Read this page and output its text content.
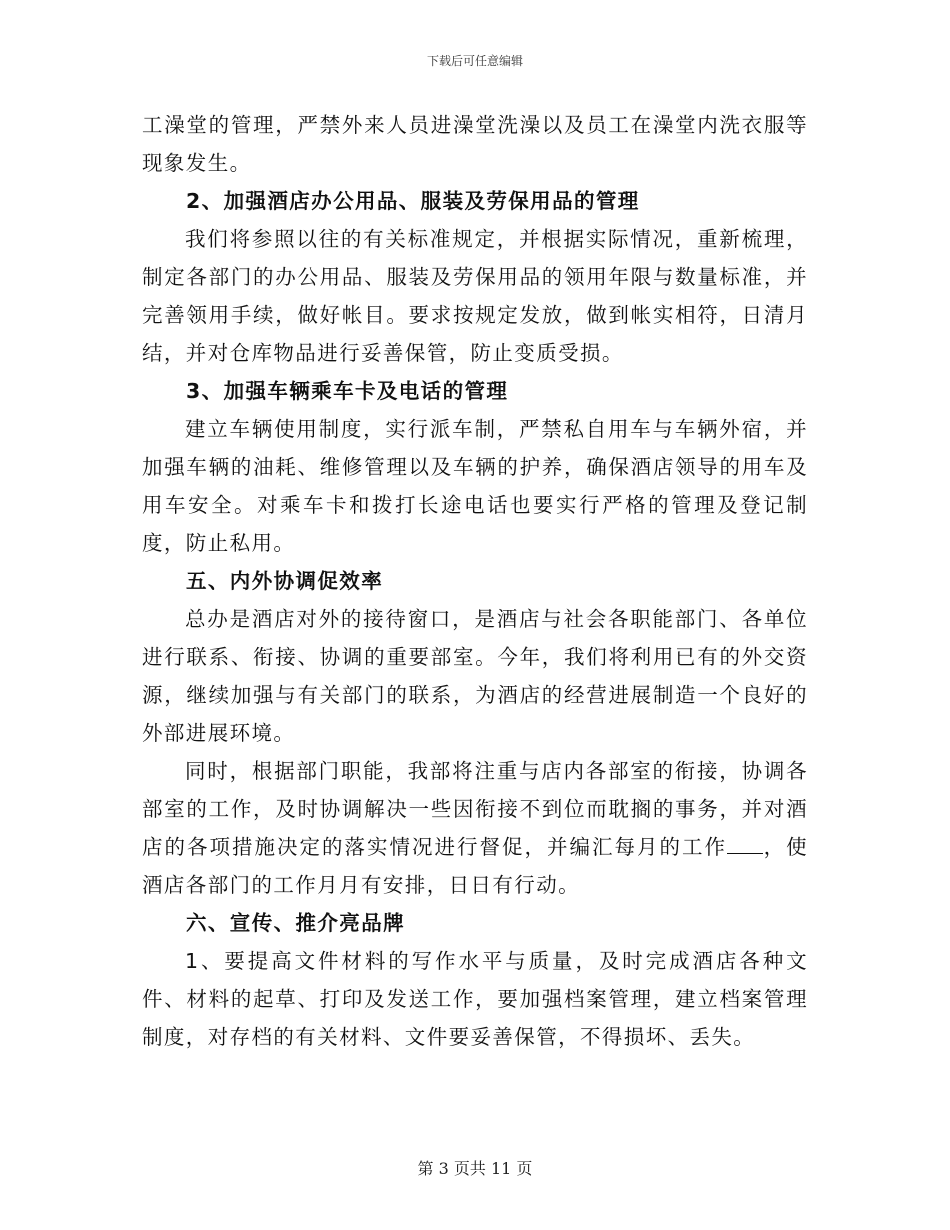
下载后可任意编辑

工澡堂的管理，严禁外来人员进澡堂洗澡以及员工在澡堂内洗衣服等现象发生。

2、加强酒店办公用品、服装及劳保用品的管理

我们将参照以往的有关标准规定，并根据实际情况，重新梳理，制定各部门的办公用品、服装及劳保用品的领用年限与数量标准，并完善领用手续，做好帐目。要求按规定发放，做到帐实相符，日清月结，并对仓库物品进行妥善保管，防止变质受损。

3、加强车辆乘车卡及电话的管理

建立车辆使用制度，实行派车制，严禁私自用车与车辆外宿，并加强车辆的油耗、维修管理以及车辆的护养，确保酒店领导的用车及用车安全。对乘车卡和拨打长途电话也要实行严格的管理及登记制度，防止私用。

五、内外协调促效率

总办是酒店对外的接待窗口，是酒店与社会各职能部门、各单位进行联系、衔接、协调的重要部室。今年，我们将利用已有的外交资源，继续加强与有关部门的联系，为酒店的经营进展制造一个良好的外部进展环境。

同时，根据部门职能，我部将注重与店内各部室的衔接，协调各部室的工作，及时协调解决一些因衔接不到位而耽搁的事务，并对酒店的各项措施决定的落实情况进行督促，并编汇每月的工作 ，使酒店各部门的工作月月有安排，日日有行动。

六、宣传、推介亮品牌

1、要提高文件材料的写作水平与质量，及时完成酒店各种文件、材料的起草、打印及发送工作，要加强档案管理，建立档案管理制度，对存档的有关材料、文件要妥善保管，不得损坏、丢失。

第 3 页共 11 页
